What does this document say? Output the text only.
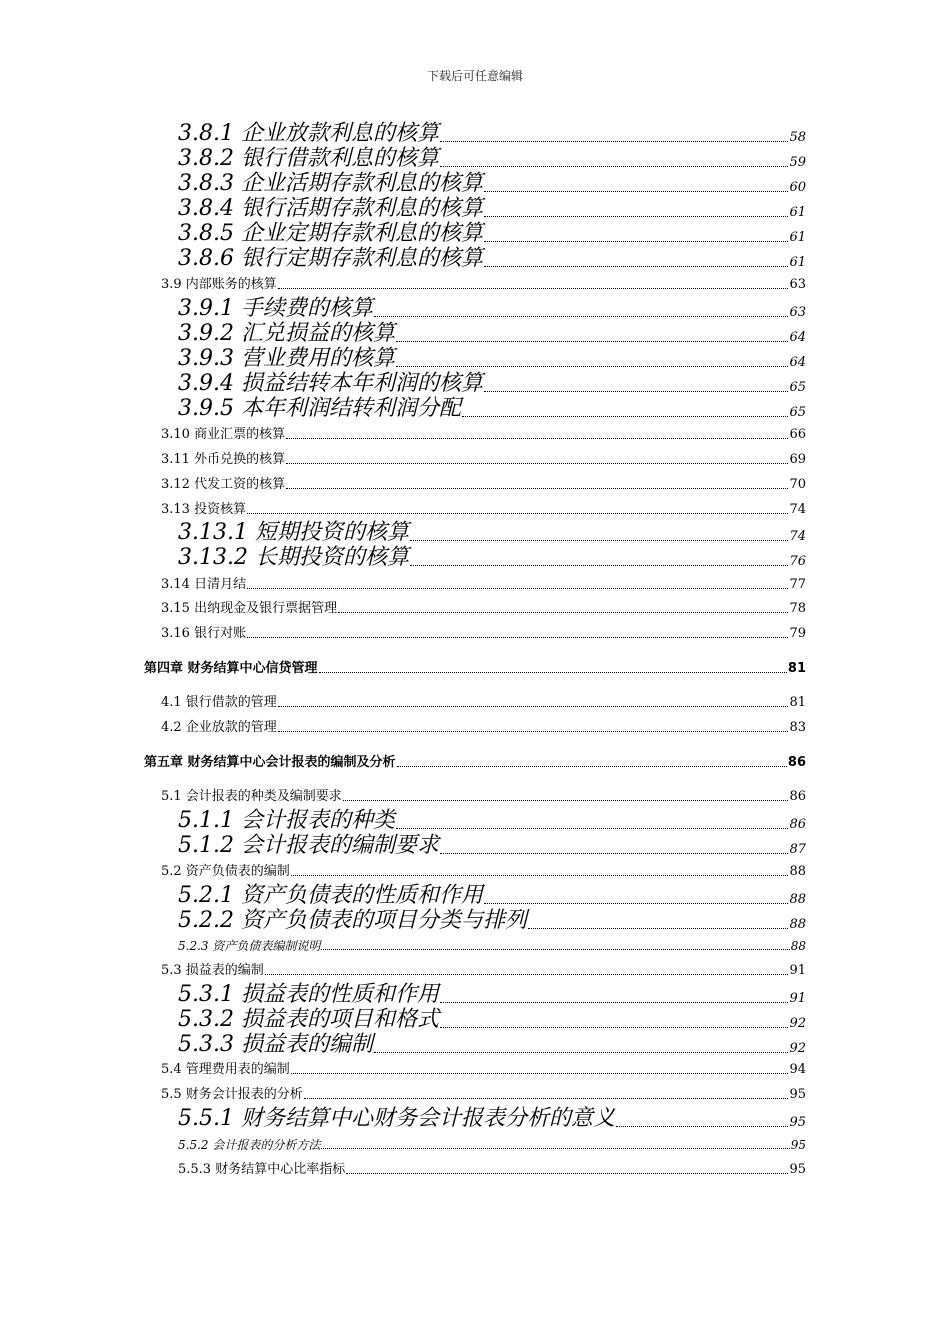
下载后可任意编辑
3.8.1 企业放款利息的核算	58
3.8.2 银行借款利息的核算	59
3.8.3 企业活期存款利息的核算	60
3.8.4 银行活期存款利息的核算	61
3.8.5 企业定期存款利息的核算	61
3.8.6 银行定期存款利息的核算	61
3.9 内部账务的核算	63
3.9.1 手续费的核算	63
3.9.2 汇兑损益的核算	64
3.9.3 营业费用的核算	64
3.9.4 损益结转本年利润的核算	65
3.9.5 本年利润结转利润分配	65
3.10 商业汇票的核算	66
3.11 外币兑换的核算	69
3.12 代发工资的核算	70
3.13 投资核算	74
3.13.1 短期投资的核算	74
3.13.2 长期投资的核算	76
3.14 日清月结	77
3.15 出纳现金及银行票据管理	78
3.16 银行对账	79
第四章 财务结算中心信贷管理	81
4.1 银行借款的管理	81
4.2 企业放款的管理	83
第五章 财务结算中心会计报表的编制及分析	86
5.1 会计报表的种类及编制要求	86
5.1.1 会计报表的种类	86
5.1.2 会计报表的编制要求	87
5.2 资产负债表的编制	88
5.2.1 资产负债表的性质和作用	88
5.2.2 资产负债表的项目分类与排列	88
5.2.3 资产负债表编制说明	88
5.3 损益表的编制	91
5.3.1 损益表的性质和作用	91
5.3.2 损益表的项目和格式	92
5.3.3 损益表的编制	92
5.4 管理费用表的编制	94
5.5 财务会计报表的分析	95
5.5.1 财务结算中心财务会计报表分析的意义	95
5.5.2 会计报表的分析方法	95
5.5.3 财务结算中心比率指标	95
